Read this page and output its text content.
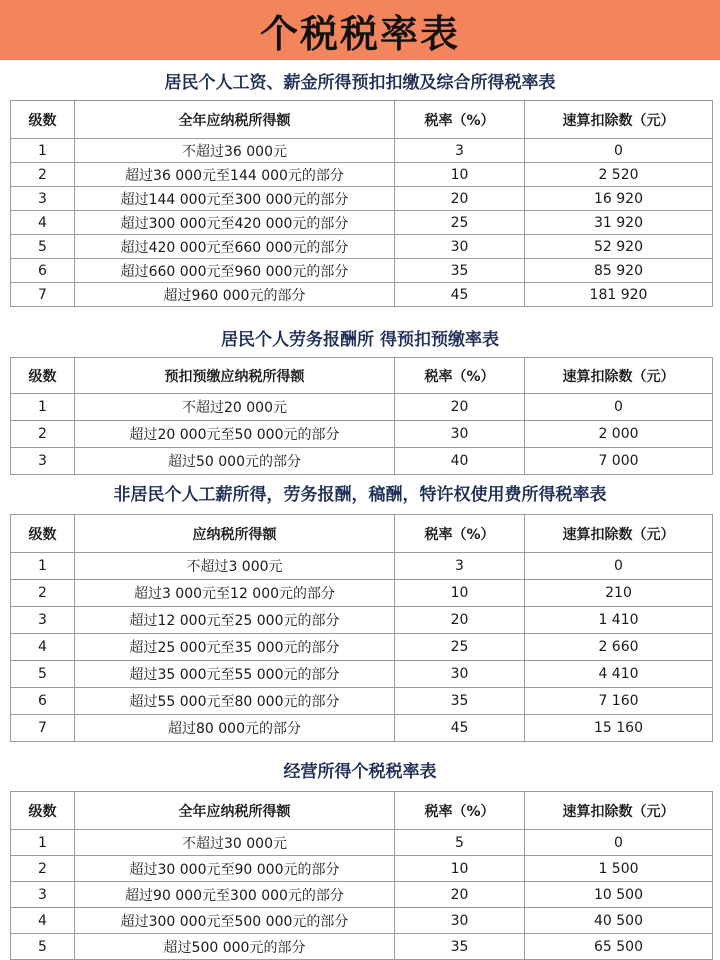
个税税率表
居民个人工资、薪金所得预扣扣缴及综合所得税率表
级数	全年应纳税所得额	税率（%）	速算扣除数（元）
1	不超过36 000元	3	0
2	超过36 000元至144 000元的部分	10	2 520
3	超过144 000元至300 000元的部分	20	16 920
4	超过300 000元至420 000元的部分	25	31 920
5	超过420 000元至660 000元的部分	30	52 920
6	超过660 000元至960 000元的部分	35	85 920
7	超过960 000元的部分	45	181 920
居民个人劳务报酬所 得预扣预缴率表
级数	预扣预缴应纳税所得额	税率（%）	速算扣除数（元）
1	不超过20 000元	20	0
2	超过20 000元至50 000元的部分	30	2 000
3	超过50 000元的部分	40	7 000
非居民个人工薪所得，劳务报酬，稿酬，特许权使用费所得税率表
级数	应纳税所得额	税率（%）	速算扣除数（元）
1	不超过3 000元	3	0
2	超过3 000元至12 000元的部分	10	210
3	超过12 000元至25 000元的部分	20	1 410
4	超过25 000元至35 000元的部分	25	2 660
5	超过35 000元至55 000元的部分	30	4 410
6	超过55 000元至80 000元的部分	35	7 160
7	超过80 000元的部分	45	15 160
经营所得个税税率表
级数	全年应纳税所得额	税率（%）	速算扣除数（元）
1	不超过30 000元	5	0
2	超过30 000元至90 000元的部分	10	1 500
3	超过90 000元至300 000元的部分	20	10 500
4	超过300 000元至500 000元的部分	30	40 500
5	超过500 000元的部分	35	65 500
